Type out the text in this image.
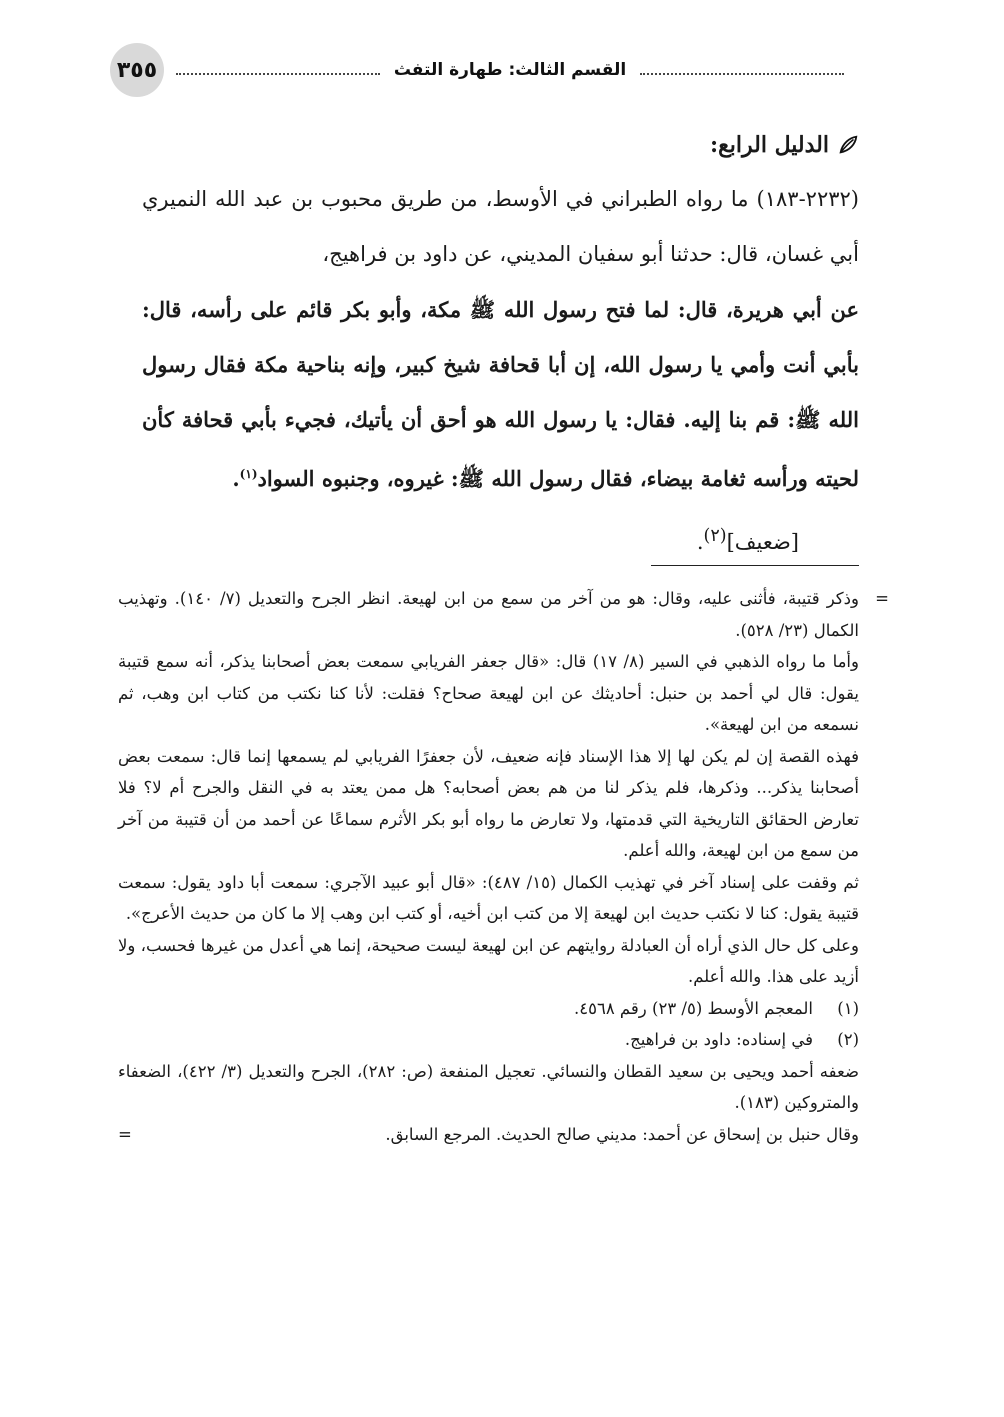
٣٥٥	القسم الثالث: طهارة التفث

الدليل الرابع:

(٢٢٣٢-١٨٣) ما رواه الطبراني في الأوسط، من طريق محبوب بن عبد الله النميري أبي غسان، قال: حدثنا أبو سفيان المديني، عن داود بن فراهيج،

عن أبي هريرة، قال: لما فتح رسول الله ﷺ مكة، وأبو بكر قائم على رأسه، قال: بأبي أنت وأمي يا رسول الله، إن أبا قحافة شيخ كبير، وإنه بناحية مكة فقال رسول الله ﷺ: قم بنا إليه. فقال: يا رسول الله هو أحق أن يأتيك، فجيء بأبي قحافة كأن لحيته ورأسه ثغامة بيضاء، فقال رسول الله ﷺ: غيروه، وجنبوه السواد$^{(١)}$.

[ضعيف]$^{(٢)}$.

= وذكر قتيبة، فأثنى عليه، وقال: هو من آخر من سمع من ابن لهيعة. انظر الجرح والتعديل (٧/ ١٤٠). وتهذيب الكمال (٢٣/ ٥٢٨).

وأما ما رواه الذهبي في السير (٨/ ١٧) قال: «قال جعفر الفريابي سمعت بعض أصحابنا يذكر، أنه سمع قتيبة يقول: قال لي أحمد بن حنبل: أحاديثك عن ابن لهيعة صحاح؟ فقلت: لأنا كنا نكتب من كتاب ابن وهب، ثم نسمعه من ابن لهيعة».

فهذه القصة إن لم يكن لها إلا هذا الإسناد فإنه ضعيف، لأن جعفرًا الفريابي لم يسمعها إنما قال: سمعت بعض أصحابنا يذكر... وذكرها، فلم يذكر لنا من هم بعض أصحابه؟ هل ممن يعتد به في النقل والجرح أم لا؟ فلا تعارض الحقائق التاريخية التي قدمتها، ولا تعارض ما رواه أبو بكر الأثرم سماعًا عن أحمد من أن قتيبة من آخر من سمع من ابن لهيعة، والله أعلم.

ثم وقفت على إسناد آخر في تهذيب الكمال (١٥/ ٤٨٧): «قال أبو عبيد الآجري: سمعت أبا داود يقول: سمعت قتيبة يقول: كنا لا نكتب حديث ابن لهيعة إلا من كتب ابن أخيه، أو كتب ابن وهب إلا ما كان من حديث الأعرج».

وعلى كل حال الذي أراه أن العبادلة روايتهم عن ابن لهيعة ليست صحيحة، إنما هي أعدل من غيرها فحسب، ولا أزيد على هذا. والله أعلم.

(١)
المعجم الأوسط (٥/ ٢٣) رقم ٤٥٦٨.

(٢)
في إسناده: داود بن فراهيج.

ضعفه أحمد ويحيى بن سعيد القطان والنسائي. تعجيل المنفعة (ص: ٢٨٢)، الجرح والتعديل (٣/ ٤٢٢)، الضعفاء والمتروكين (١٨٣).

وقال حنبل بن إسحاق عن أحمد: مديني صالح الحديث. المرجع السابق.
=
